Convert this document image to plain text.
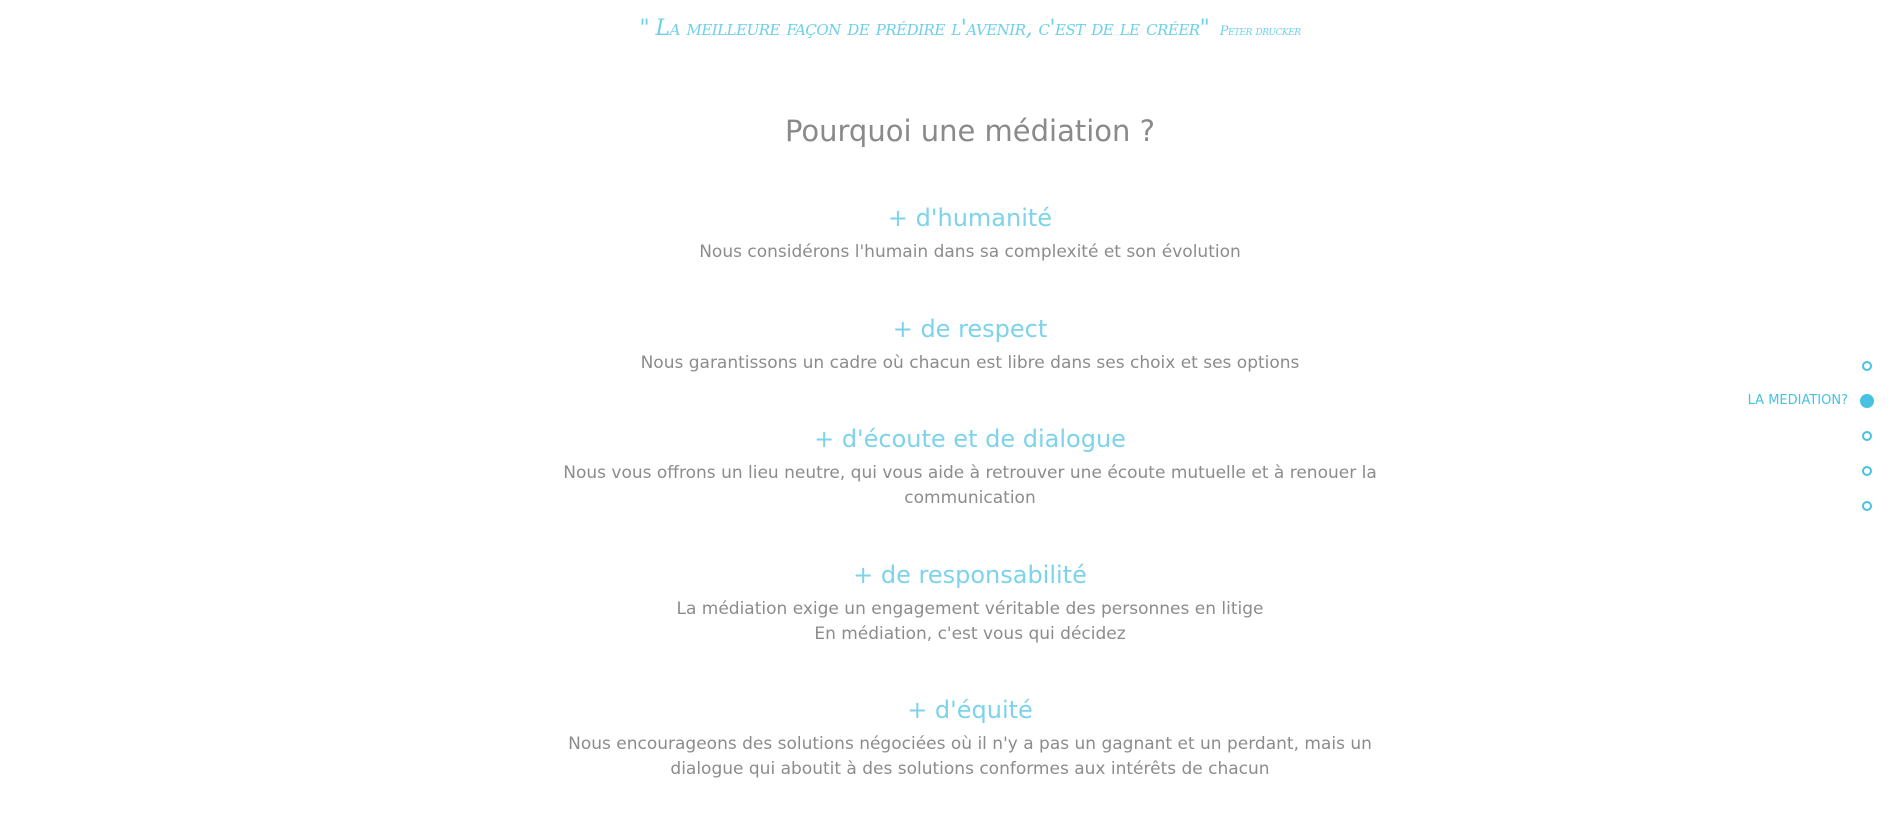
" La meilleure façon de prédire l'avenir, c'est de le créer" Peter drucker
Pourquoi une médiation ?
+ d'humanité

Nous considérons l'humain dans sa complexité et son évolution

+ de respect

Nous garantissons un cadre où chacun est libre dans ses choix et ses options

+ d'écoute et de dialogue

Nous vous offrons un lieu neutre, qui vous aide à retrouver une écoute mutuelle et à renouer la communication

+ de responsabilité

La médiation exige un engagement véritable des personnes en litige

En médiation, c'est vous qui décidez

+ d'équité

Nous encourageons des solutions négociées où il n'y a pas un gagnant et un perdant, mais un dialogue qui aboutit à des solutions conformes aux intérêts de chacun

LA MEDIATION?
